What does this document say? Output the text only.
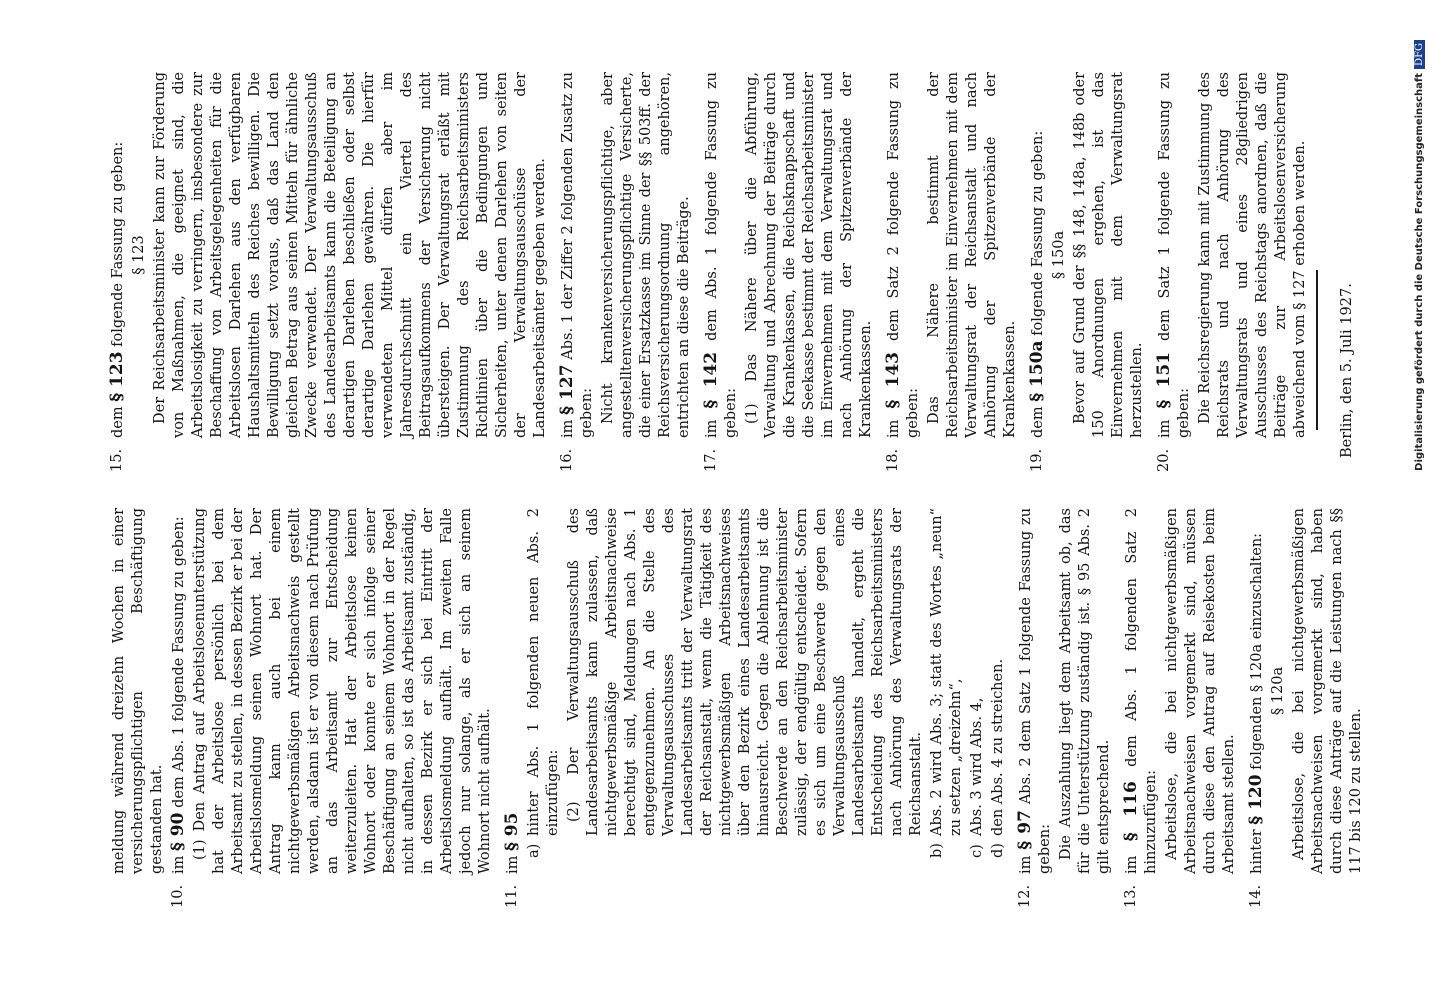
meldung während dreizehn Wochen in einer versicherungspflichtigen Beschäftigung gestanden hat.
10.
im § 90 dem Abs. 1 folgende Fassung zu geben: (1) Den Antrag auf Arbeitslosenunterstützung hat der Arbeitslose persönlich bei dem Arbeitsamt zu stellen, in dessen Bezirk er bei der Arbeitslosmeldung seinen Wohnort hat. Der Antrag kann auch bei einem nichtgewerbsmäßigen Arbeitsnachweis gestellt werden, alsdann ist er von diesem nach Prüfung an das Arbeitsamt zur Entscheidung weiterzuleiten. Hat der Arbeitslose keinen Wohnort oder konnte er sich infolge seiner Beschäftigung an seinem Wohnort in der Regel nicht aufhalten, so ist das Arbeitsamt zuständig, in dessen Bezirk er sich bei Eintritt der Arbeitslosmeldung aufhält. Im zweiten Falle jedoch nur solange, als er sich an seinem Wohnort nicht aufhält.
11.
im § 95 a)
hinter Abs. 1 folgenden neuen Abs. 2 einzufügen: (2) Der Verwaltungsausschuß des Landesarbeitsamts kann zulassen, daß nichtgewerbsmäßige Arbeitsnachweise berechtigt sind, Meldungen nach Abs. 1 entgegenzunehmen. An die Stelle des Verwaltungsausschusses des Landesarbeitsamts tritt der Verwaltungsrat der Reichsanstalt, wenn die Tätigkeit des nichtgewerbsmäßigen Arbeitsnachweises über den Bezirk eines Landesarbeitsamts hinausreicht. Gegen die Ablehnung ist die Beschwerde an den Reichsarbeitsminister zulässig, der endgültig entscheidet. Sofern es sich um eine Beschwerde gegen den Verwaltungsausschuß eines Landesarbeitsamts handelt, ergeht die Entscheidung des Reichsarbeitsministers nach Anhörung des Verwaltungsrats der Reichsanstalt.
b)
Abs. 2 wird Abs. 3; statt des Wortes „neun“ zu setzen „dreizehn“,
c)
Abs. 3 wird Abs. 4,
d)
den Abs. 4 zu streichen.
12.
im § 97 Abs. 2 dem Satz 1 folgende Fassung zu geben: Die Auszahlung liegt dem Arbeitsamt ob, das für die Unterstützung zuständig ist. § 95 Abs. 2 gilt entsprechend.
13.
im § 116 dem Abs. 1 folgenden Satz 2 hinzuzufügen: Arbeitslose, die bei nichtgewerbsmäßigen Arbeitsnachweisen vorgemerkt sind, müssen durch diese den Antrag auf Reisekosten beim Arbeitsamt stellen.
14.
hinter § 120 folgenden § 120a einzuschalten: § 120a Arbeitslose, die bei nichtgewerbsmäßigen Arbeitsnachweisen vorgemerkt sind, haben durch diese Anträge auf die Leistungen nach §§ 117 bis 120 zu stellen.
15.
dem § 123 folgende Fassung zu geben: § 123 Der Reichsarbeitsminister kann zur Förderung von Maßnahmen, die geeignet sind, die Arbeitslosigkeit zu verringern, insbesondere zur Beschaffung von Arbeitsgelegenheiten für die Arbeitslosen Darlehen aus den verfügbaren Haushaltsmitteln des Reiches bewilligen. Die Bewilligung setzt voraus, daß das Land den gleichen Betrag aus seinen Mitteln für ähnliche Zwecke verwendet. Der Verwaltungsausschuß des Landesarbeitsamts kann die Beteiligung an derartigen Darlehen beschließen oder selbst derartige Darlehen gewähren. Die hierfür verwendeten Mittel dürfen aber im Jahresdurchschnitt ein Viertel des Beitragsaufkommens der Versicherung nicht übersteigen. Der Verwaltungsrat erläßt mit Zustimmung des Reichsarbeitsministers Richtlinien über die Bedingungen und Sicherheiten, unter denen Darlehen von seiten der Verwaltungsausschüsse der Landesarbeitsämter gegeben werden.
16.
im § 127 Abs. 1 der Ziffer 2 folgenden Zusatz zu geben: Nicht krankenversicherungspflichtige, aber angestelltenversicherungspflichtige Versicherte, die einer Ersatzkasse im Sinne der §§ 503ff. der Reichsversicherungsordnung angehören, entrichten an diese die Beiträge.
17.
im § 142 dem Abs. 1 folgende Fassung zu geben: (1) Das Nähere über die Abführung, Verwaltung und Abrechnung der Beiträge durch die Krankenkassen, die Reichsknappschaft und die Seekasse bestimmt der Reichsarbeitsminister im Einvernehmen mit dem Verwaltungsrat und nach Anhörung der Spitzenverbände der Krankenkassen.
18.
im § 143 dem Satz 2 folgende Fassung zu geben: Das Nähere bestimmt der Reichsarbeitsminister im Einvernehmen mit dem Verwaltungsrat der Reichsanstalt und nach Anhörung der Spitzenverbände der Krankenkassen.
19.
dem § 150a folgende Fassung zu geben: § 150a Bevor auf Grund der §§ 148, 148a, 148b oder 150 Anordnungen ergehen, ist das Einvernehmen mit dem Verwaltungsrat herzustellen.
20.
im § 151 dem Satz 1 folgende Fassung zu geben: Die Reichsregierung kann mit Zustimmung des Reichsrats und nach Anhörung des Verwaltungsrats und eines 28gliedrigen Ausschusses des Reichstags anordnen, daß die Beiträge zur Arbeitslosenversicherung abweichend vom § 127 erhoben werden. Berlin, den 5. Juli 1927.	Digitalisierung gefördert durch die Deutsche Forschungsgemeinschaft
DFG
